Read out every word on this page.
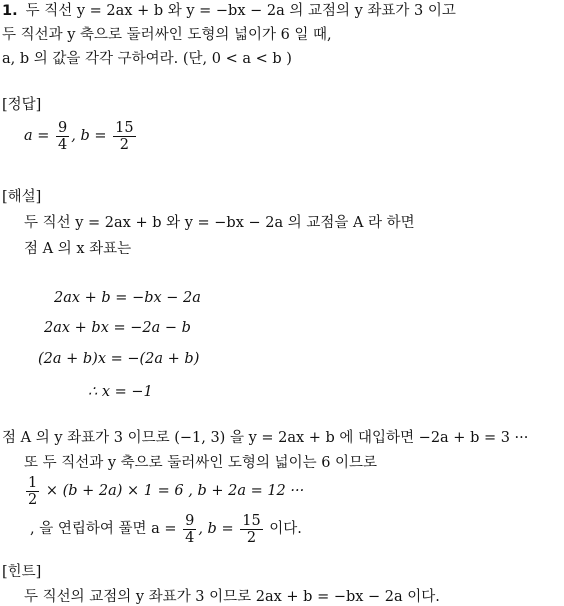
1. 두 직선 y = 2ax + b 와 y = −bx − 2a 의 교점의 y 좌표가 3 이고
두 직선과 y 축으로 둘러싸인 도형의 넓이가 6 일 때,
a, b 의 값을 각각 구하여라. (단, 0 < a < b )
[정답]
$a = \frac{9}{4}$ , $b = \frac{15}{2}$
[해설]
두 직선 y = 2ax + b 와 y = −bx − 2a 의 교점을 A 라 하면
점 A 의 x 좌표는
2ax + b = −bx − 2a
2ax + bx = −2a − b
(2a + b)x = −(2a + b)
∴ x = −1
점 A 의 y 좌표가 3 이므로 (−1, 3) 을 y = 2ax + b 에 대입하면 −2a + b = 3 ···
또 두 직선과 y 축으로 둘러싸인 도형의 넓이는 6 이므로
$\frac{1}{2} \times (b + 2a) \times 1 = 6$ , b + 2a = 12 ···
, 을 연립하여 풀면 $a = \frac{9}{4}$ , $b = \frac{15}{2}$ 이다.
[힌트]
두 직선의 교점의 y 좌표가 3 이므로 2ax + b = −bx − 2a 이다.
